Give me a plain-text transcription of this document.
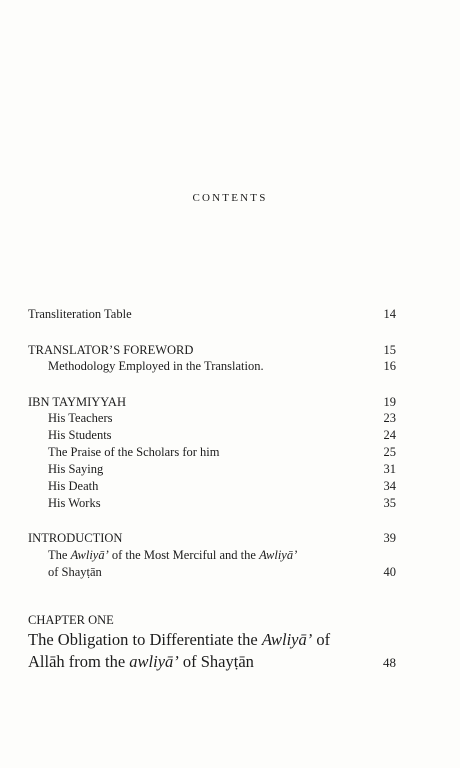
CONTENTS
Transliteration Table	14
TRANSLATOR’S FOREWORD	15
Methodology Employed in the Translation.	16
IBN TAYMIYYAH	19
His Teachers	23
His Students	24
The Praise of the Scholars for him	25
His Saying	31
His Death	34
His Works	35
INTRODUCTION	39
The Awliyā’ of the Most Merciful and the Awliyā’
of Shayṭān	40
CHAPTER ONE
The Obligation to Differentiate the Awliyā’ of
Allāh from the awliyā’ of Shayṭān	48
